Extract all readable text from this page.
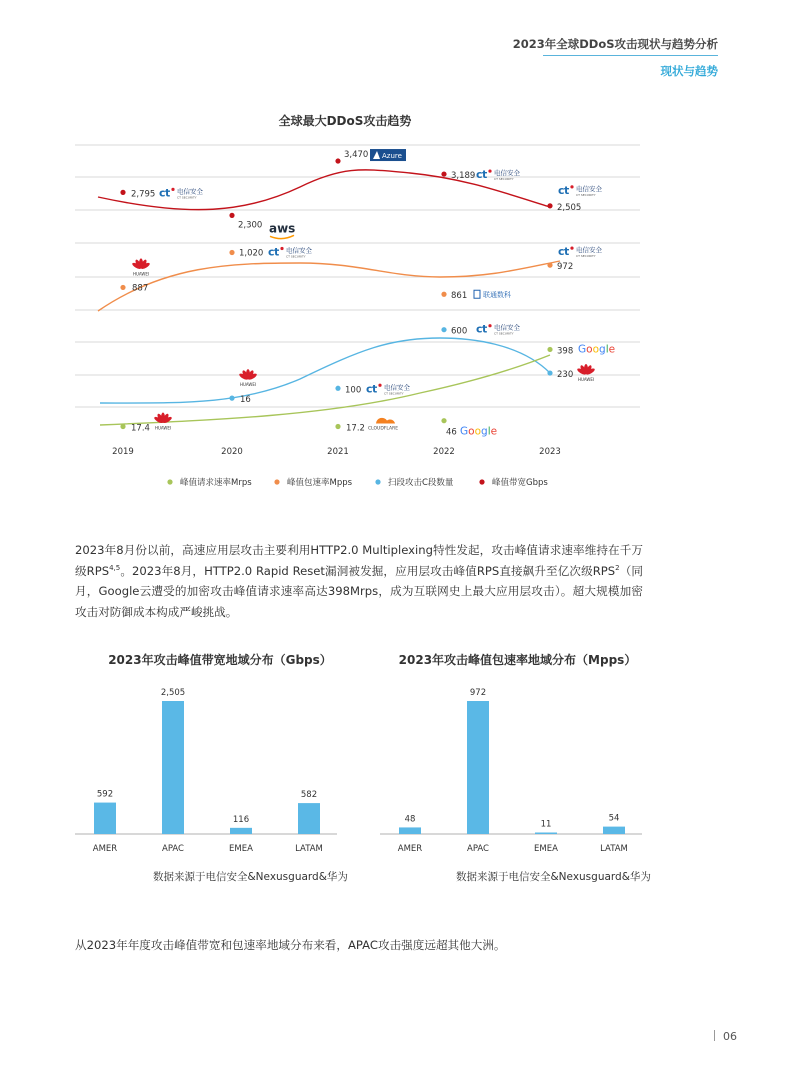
2023年全球DDoS攻击现状与趋势分析
现状与趋势
全球最大DDoS攻击趋势
2,795 c t 电信安全
CT SECURITY
2,300 aws
3,470 Azure
3,189 c t 电信安全
CT SECURITY
2,505
c t 电信安全
CT SECURITY
887
HUAWEI
1,020 c t 电信安全
CT SECURITY
861 联通数科
972
c t 电信安全
CT SECURITY
16
HUAWEI
100 c t 电信安全
CT SECURITY
600 c t 电信安全
CT SECURITY
230 HUAWEI
17.4 HUAWEI	17.2 CLOUDFLARE	46 Google
398 Google
2019	2020	2021	2022	2023
峰值请求速率Mrps	峰值包速率Mpps	扫段攻击C段数量	峰值带宽Gbps
2023年8月份以前，高速应用层攻击主要利用HTTP2.0 Multiplexing特性发起，攻击峰值请求速率维持在千万级RPS$^{4,5}$。2023年8月，HTTP2.0 Rapid Reset漏洞被发掘，应用层攻击峰值RPS直接飙升至亿次级RPS$^2$（同月，Google云遭受的加密攻击峰值请求速率高达398Mrps，成为互联网史上最大应用层攻击）。超大规模加密攻击对防御成本构成严峻挑战。
2023年攻击峰值带宽地域分布（Gbps）
592
AMER
2,505
APAC
116
EMEA
582
LATAM
数据来源于电信安全&Nexusguard&华为
2023年攻击峰值包速率地域分布（Mpps）
48
AMER
972
APAC
11
EMEA
54
LATAM
数据来源于电信安全&Nexusguard&华为
从2023年年度攻击峰值带宽和包速率地域分布来看，APAC攻击强度远超其他大洲。
06
